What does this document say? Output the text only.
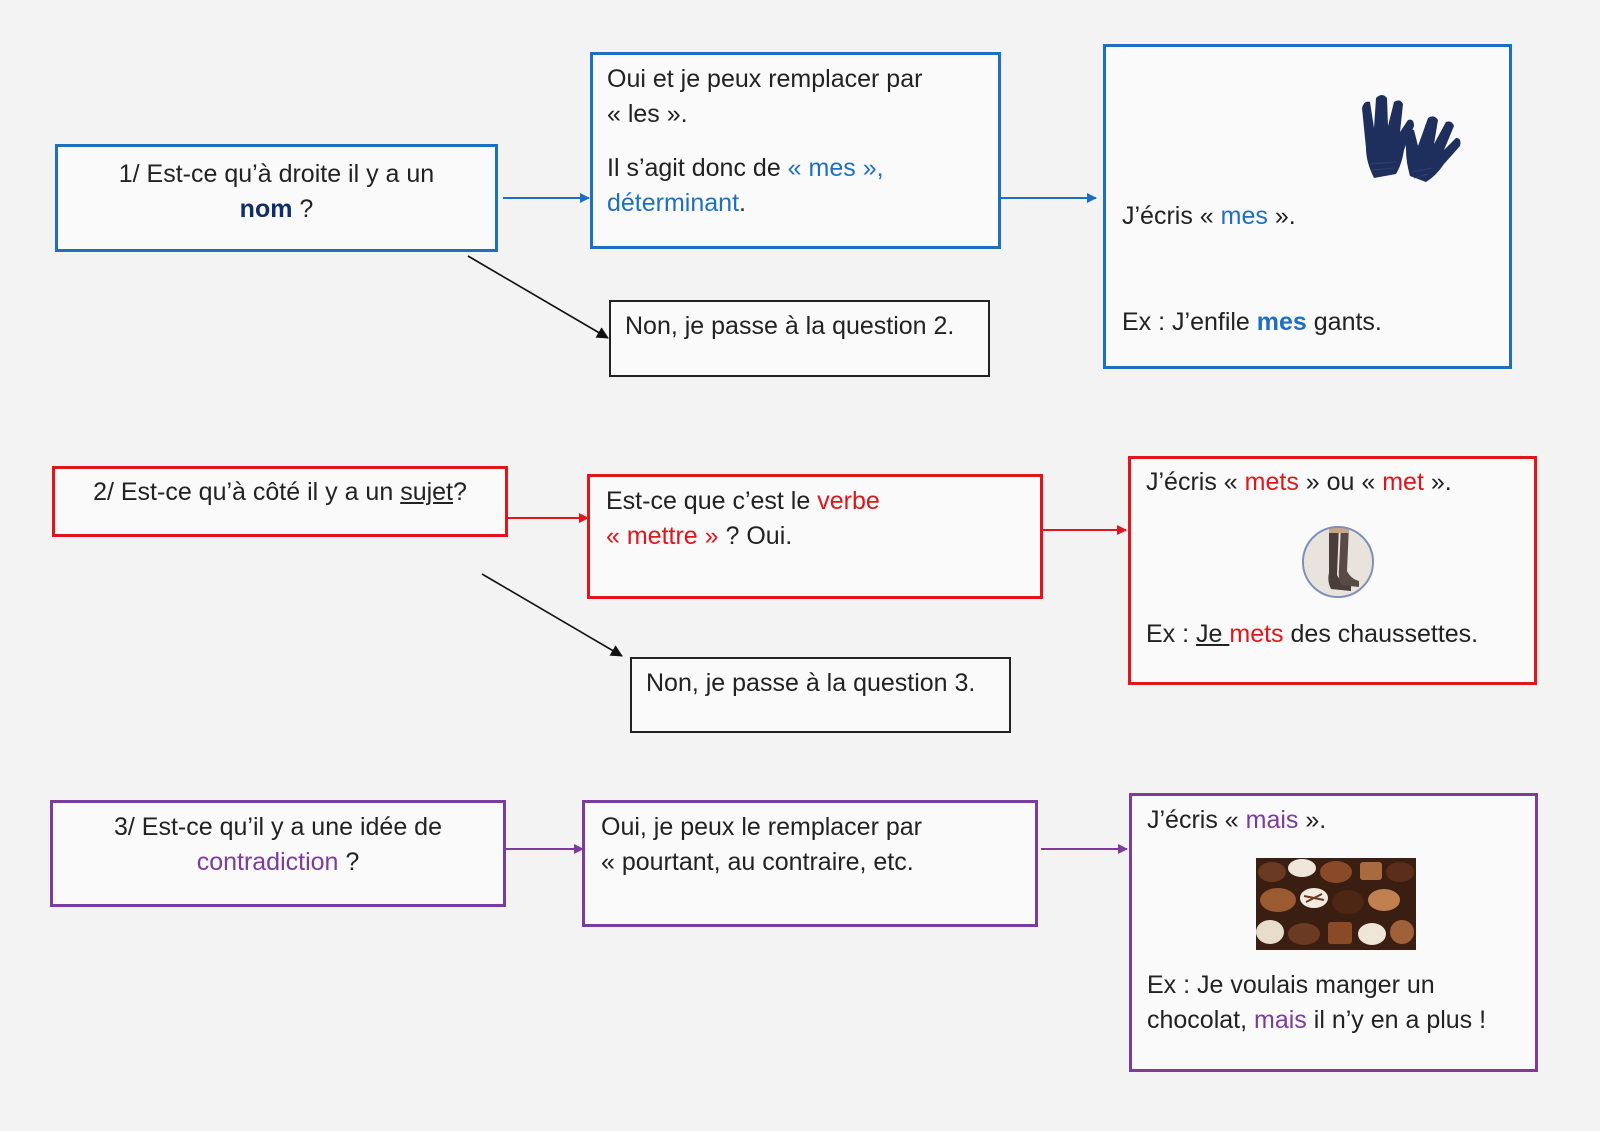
1/ Est-ce qu’à droite il y a un

nom ?

Oui et je peux remplacer par

« les ».

Il s’agit donc de « mes »,

déterminant.

Non, je passe à la question 2.

J’écris « mes ».
Ex : J’enfile mes gants.

2/ Est-ce qu’à côté il y a un sujet?	Est-ce que c’est le verbe

« mettre » ? Oui.

Non, je passe à la question 3.

J’écris « mets » ou « met ».
Ex : Je mets des chaussettes.

3/ Est-ce qu’il y a une idée de

contradiction ?

Oui, je peux le remplacer par

« pourtant, au contraire, etc.

J’écris « mais ».
Ex : Je voulais manger un
chocolat, mais il n’y en a plus !
